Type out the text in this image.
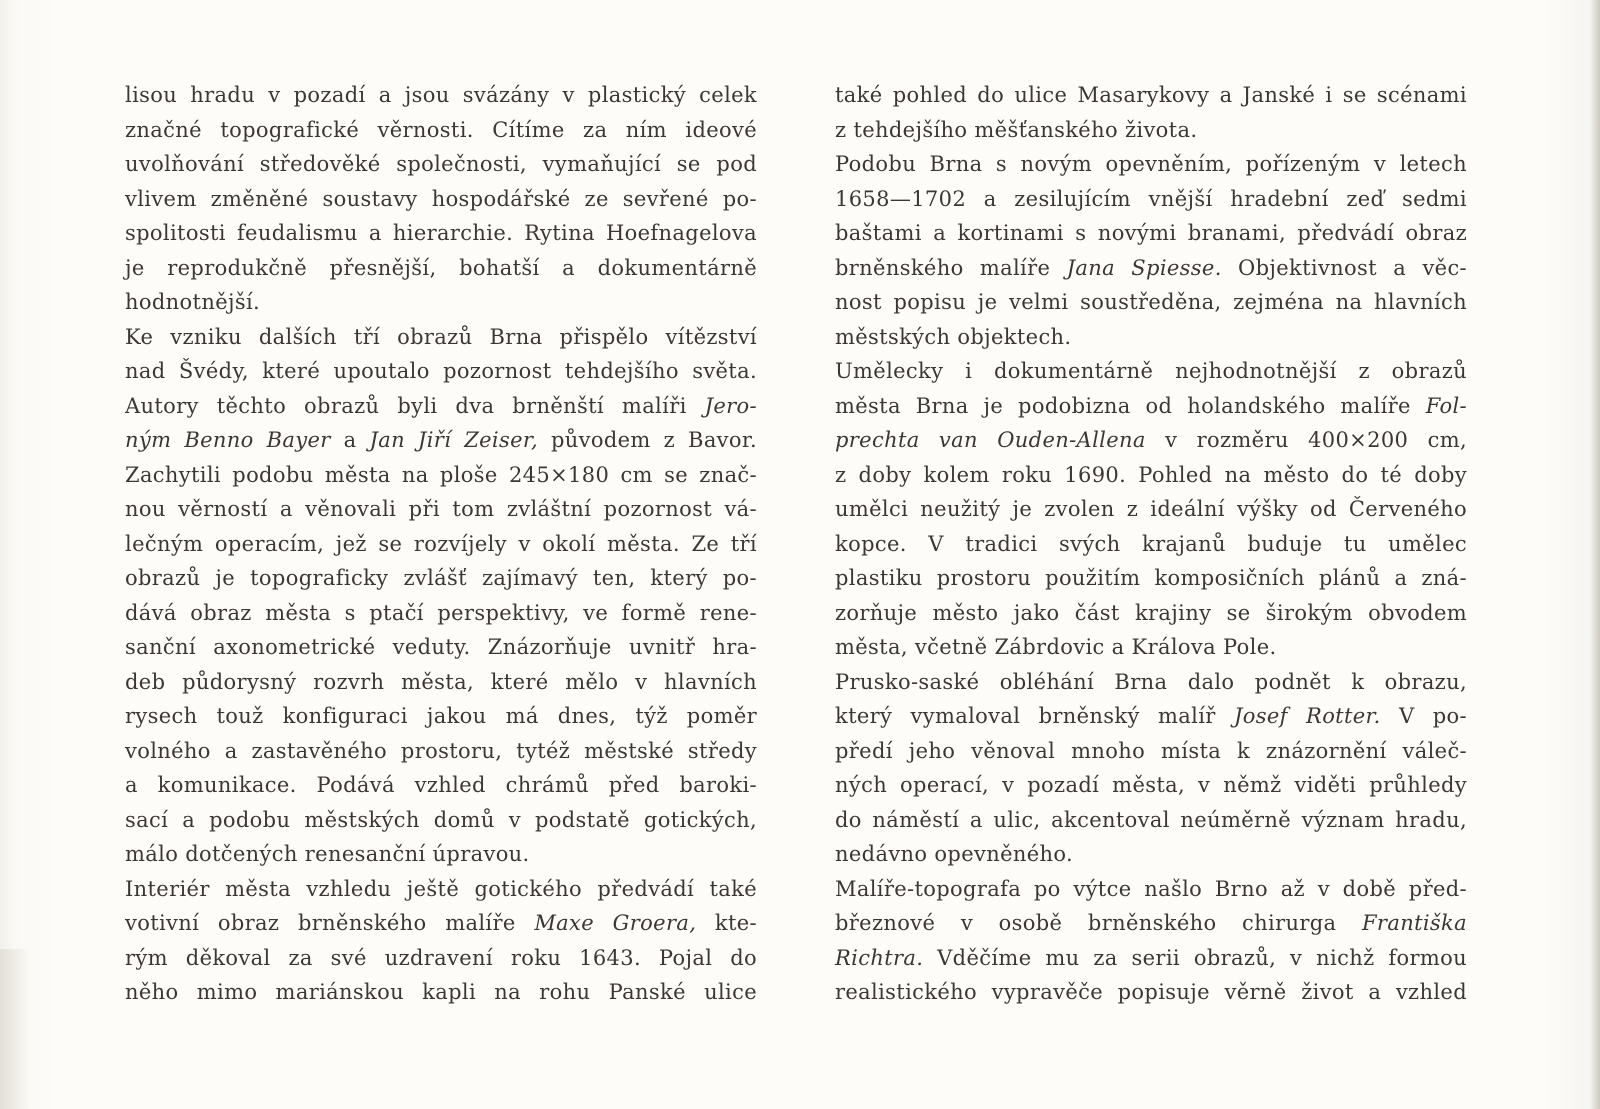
lisou hradu v pozadí a jsou svázány v plastický celek
značné topografické věrnosti. Cítíme za ním ideové
uvolňování středověké společnosti, vymaňující se pod
vlivem změněné soustavy hospodářské ze sevřené po-
spolitosti feudalismu a hierarchie. Rytina Hoefnagelova
je reprodukčně přesnější, bohatší a dokumentárně
hodnotnější.
Ke vzniku dalších tří obrazů Brna přispělo vítězství
nad Švédy, které upoutalo pozornost tehdejšího světa.
Autory těchto obrazů byli dva brněnští malíři Jero-
ným Benno Bayer a Jan Jiří Zeiser, původem z Bavor.
Zachytili podobu města na ploše 245×180 cm se znač-
nou věrností a věnovali při tom zvláštní pozornost vá-
lečným operacím, jež se rozvíjely v okolí města. Ze tří
obrazů je topograficky zvlášť zajímavý ten, který po-
dává obraz města s ptačí perspektivy, ve formě rene-
sanční axonometrické veduty. Znázorňuje uvnitř hra-
deb půdorysný rozvrh města, které mělo v hlavních
rysech touž konfiguraci jakou má dnes, týž poměr
volného a zastavěného prostoru, tytéž městské středy
a komunikace. Podává vzhled chrámů před baroki-
sací a podobu městských domů v podstatě gotických,
málo dotčených renesanční úpravou.
Interiér města vzhledu ještě gotického předvádí také
votivní obraz brněnského malíře Maxe Groera, kte-
rým děkoval za své uzdravení roku 1643. Pojal do
něho mimo mariánskou kapli na rohu Panské ulice
také pohled do ulice Masarykovy a Janské i se scénami
z tehdejšího měšťanského života.
Podobu Brna s novým opevněním, pořízeným v letech
1658—1702 a zesilujícím vnější hradební zeď sedmi
baštami a kortinami s novými branami, předvádí obraz
brněnského malíře Jana Spiesse. Objektivnost a věc-
nost popisu je velmi soustředěna, zejména na hlavních
městských objektech.
Umělecky i dokumentárně nejhodnotnější z obrazů
města Brna je podobizna od holandského malíře Fol-
prechta van Ouden-Allena v rozměru 400×200 cm,
z doby kolem roku 1690. Pohled na město do té doby
umělci neužitý je zvolen z ideální výšky od Červeného
kopce. V tradici svých krajanů buduje tu umělec
plastiku prostoru použitím komposičních plánů a zná-
zorňuje město jako část krajiny se širokým obvodem
města, včetně Zábrdovic a Králova Pole.
Prusko-saské obléhání Brna dalo podnět k obrazu,
který vymaloval brněnský malíř Josef Rotter. V po-
předí jeho věnoval mnoho místa k znázornění váleč-
ných operací, v pozadí města, v němž viděti průhledy
do náměstí a ulic, akcentoval neúměrně význam hradu,
nedávno opevněného.
Malíře-topografa po výtce našlo Brno až v době před-
březnové v osobě brněnského chirurga Františka
Richtra. Vděčíme mu za serii obrazů, v nichž formou
realistického vypravěče popisuje věrně život a vzhled
